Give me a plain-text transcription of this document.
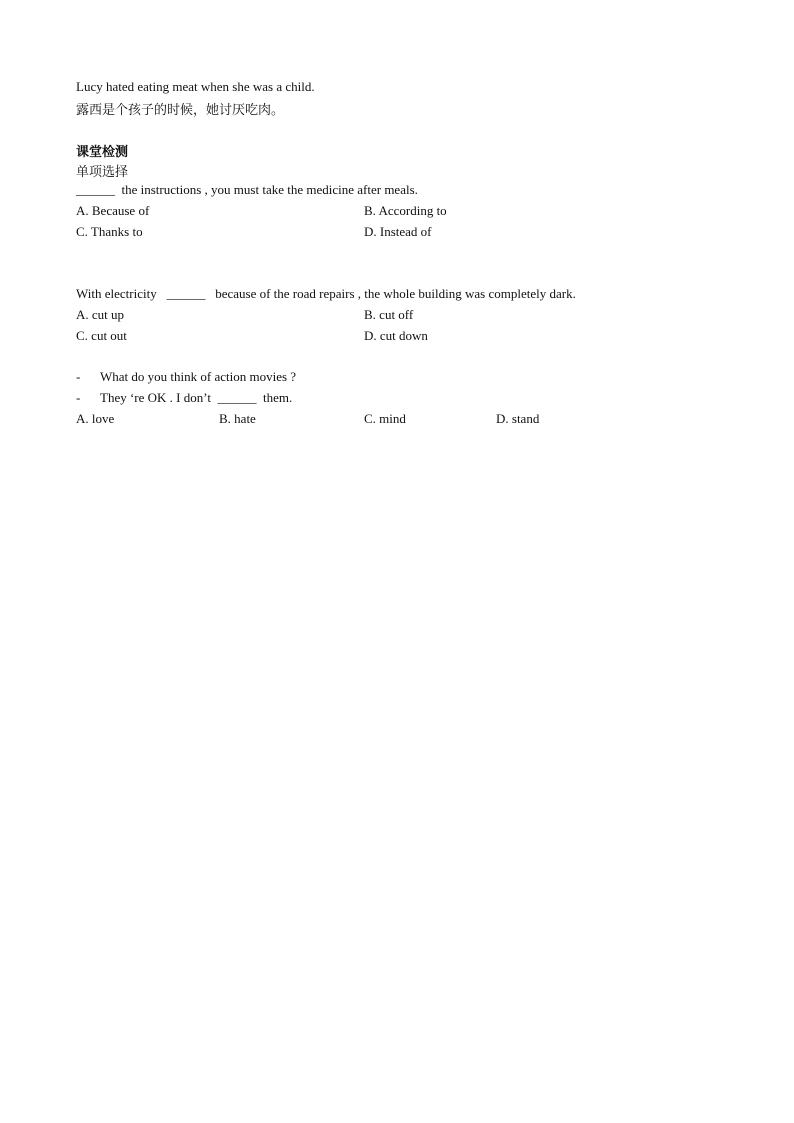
Lucy hated eating meat when she was a child.
露西是个孩子的时候，她讨厌吃肉。
课堂检测
单项选择
______ the instructions , you must take the medicine after meals.
A. Because of	B. According to
C. Thanks to	D. Instead of
With electricity ______ because of the road repairs , the whole building was completely dark.
A. cut up	B. cut off
C. cut out	D. cut down
- What do you think of action movies ?
- They ‘re OK . I don’t ______ them.
A. love	B. hate	C. mind	D. stand
